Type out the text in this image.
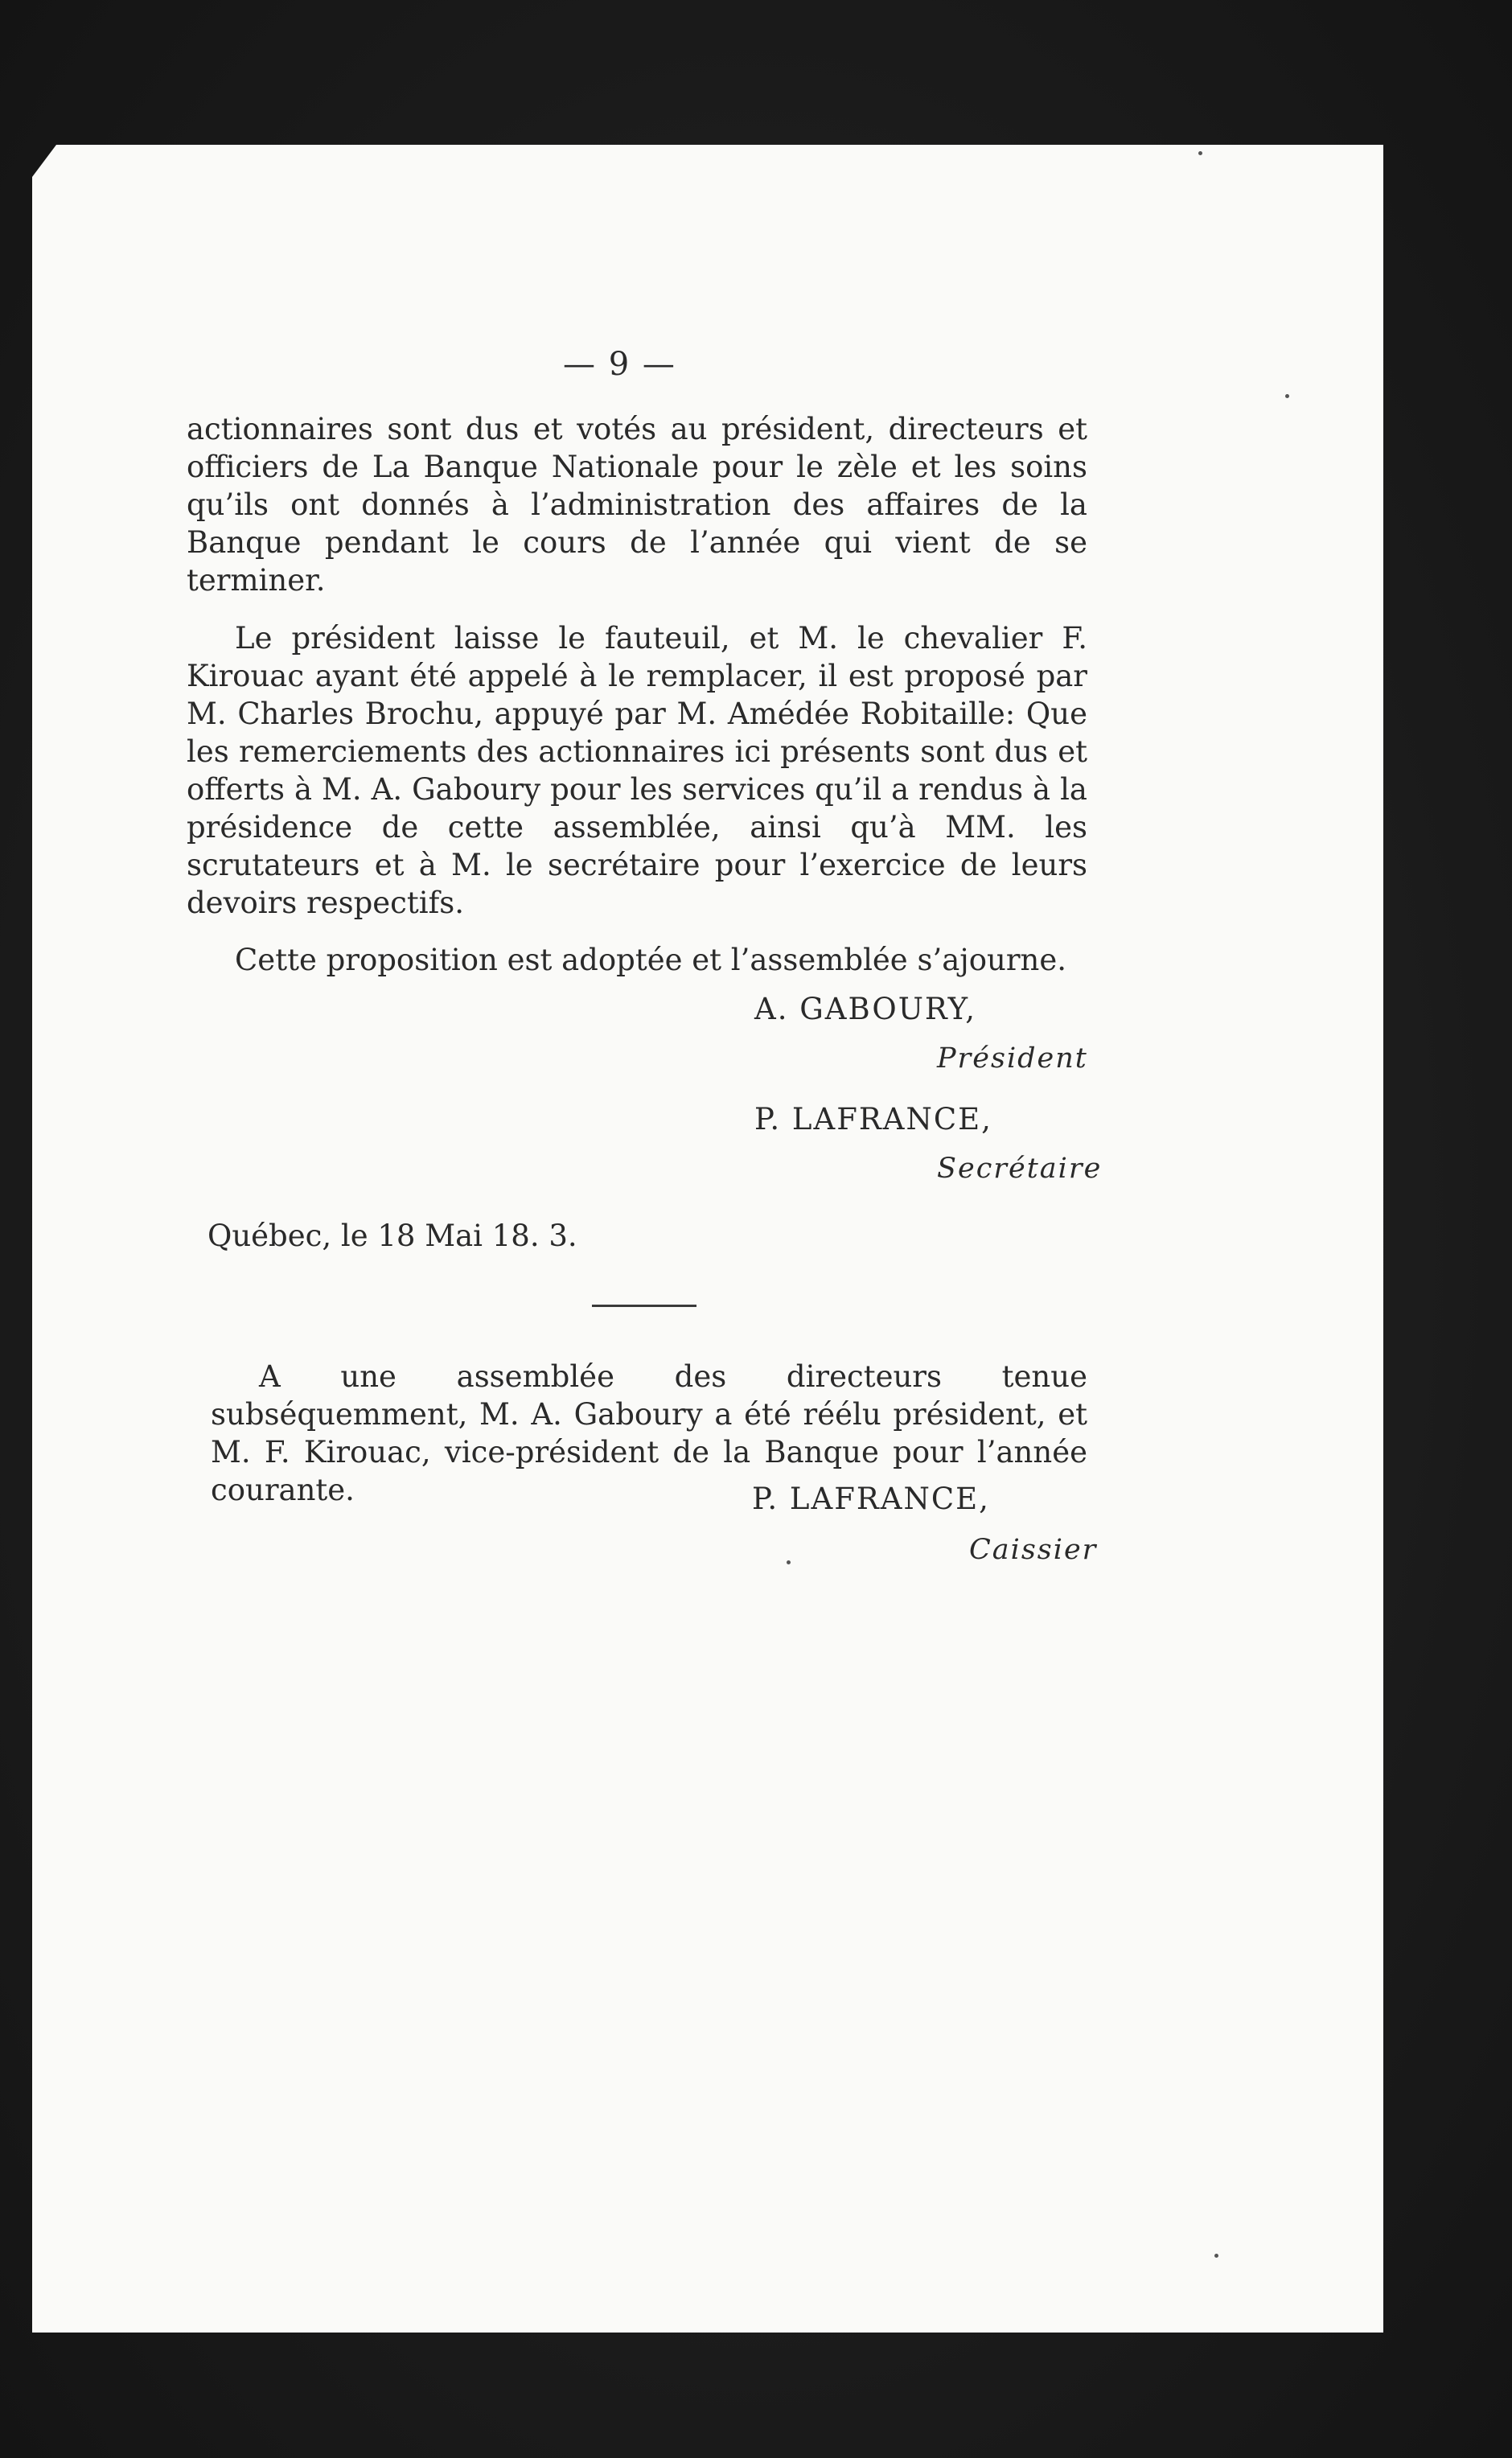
— 9 —
actionnaires sont dus et votés au président, directeurs et officiers de La Banque Nationale pour le zèle et les soins qu’ils ont donnés à l’administration des affaires de la Banque pendant le cours de l’année qui vient de se terminer.
Le président laisse le fauteuil, et M. le chevalier F. Kirouac ayant été appelé à le remplacer, il est proposé par M. Charles Brochu, appuyé par M. Amédée Robitaille: Que les remerciements des actionnaires ici présents sont dus et offerts à M. A. Gaboury pour les services qu’il a rendus à la présidence de cette assemblée, ainsi qu’à MM. les scrutateurs et à M. le secrétaire pour l’exercice de leurs devoirs respectifs.
Cette proposition est adoptée et l’assemblée s’ajourne.
A. GABOURY,
Président
P. LAFRANCE,
Secrétaire
Québec, le 18 Mai 18. 3.
A une assemblée des directeurs tenue subséquemment, M. A. Gaboury a été réélu président, et M. F. Kirouac, vice-président de la Banque pour l’année courante.	P. LAFRANCE,
Caissier
